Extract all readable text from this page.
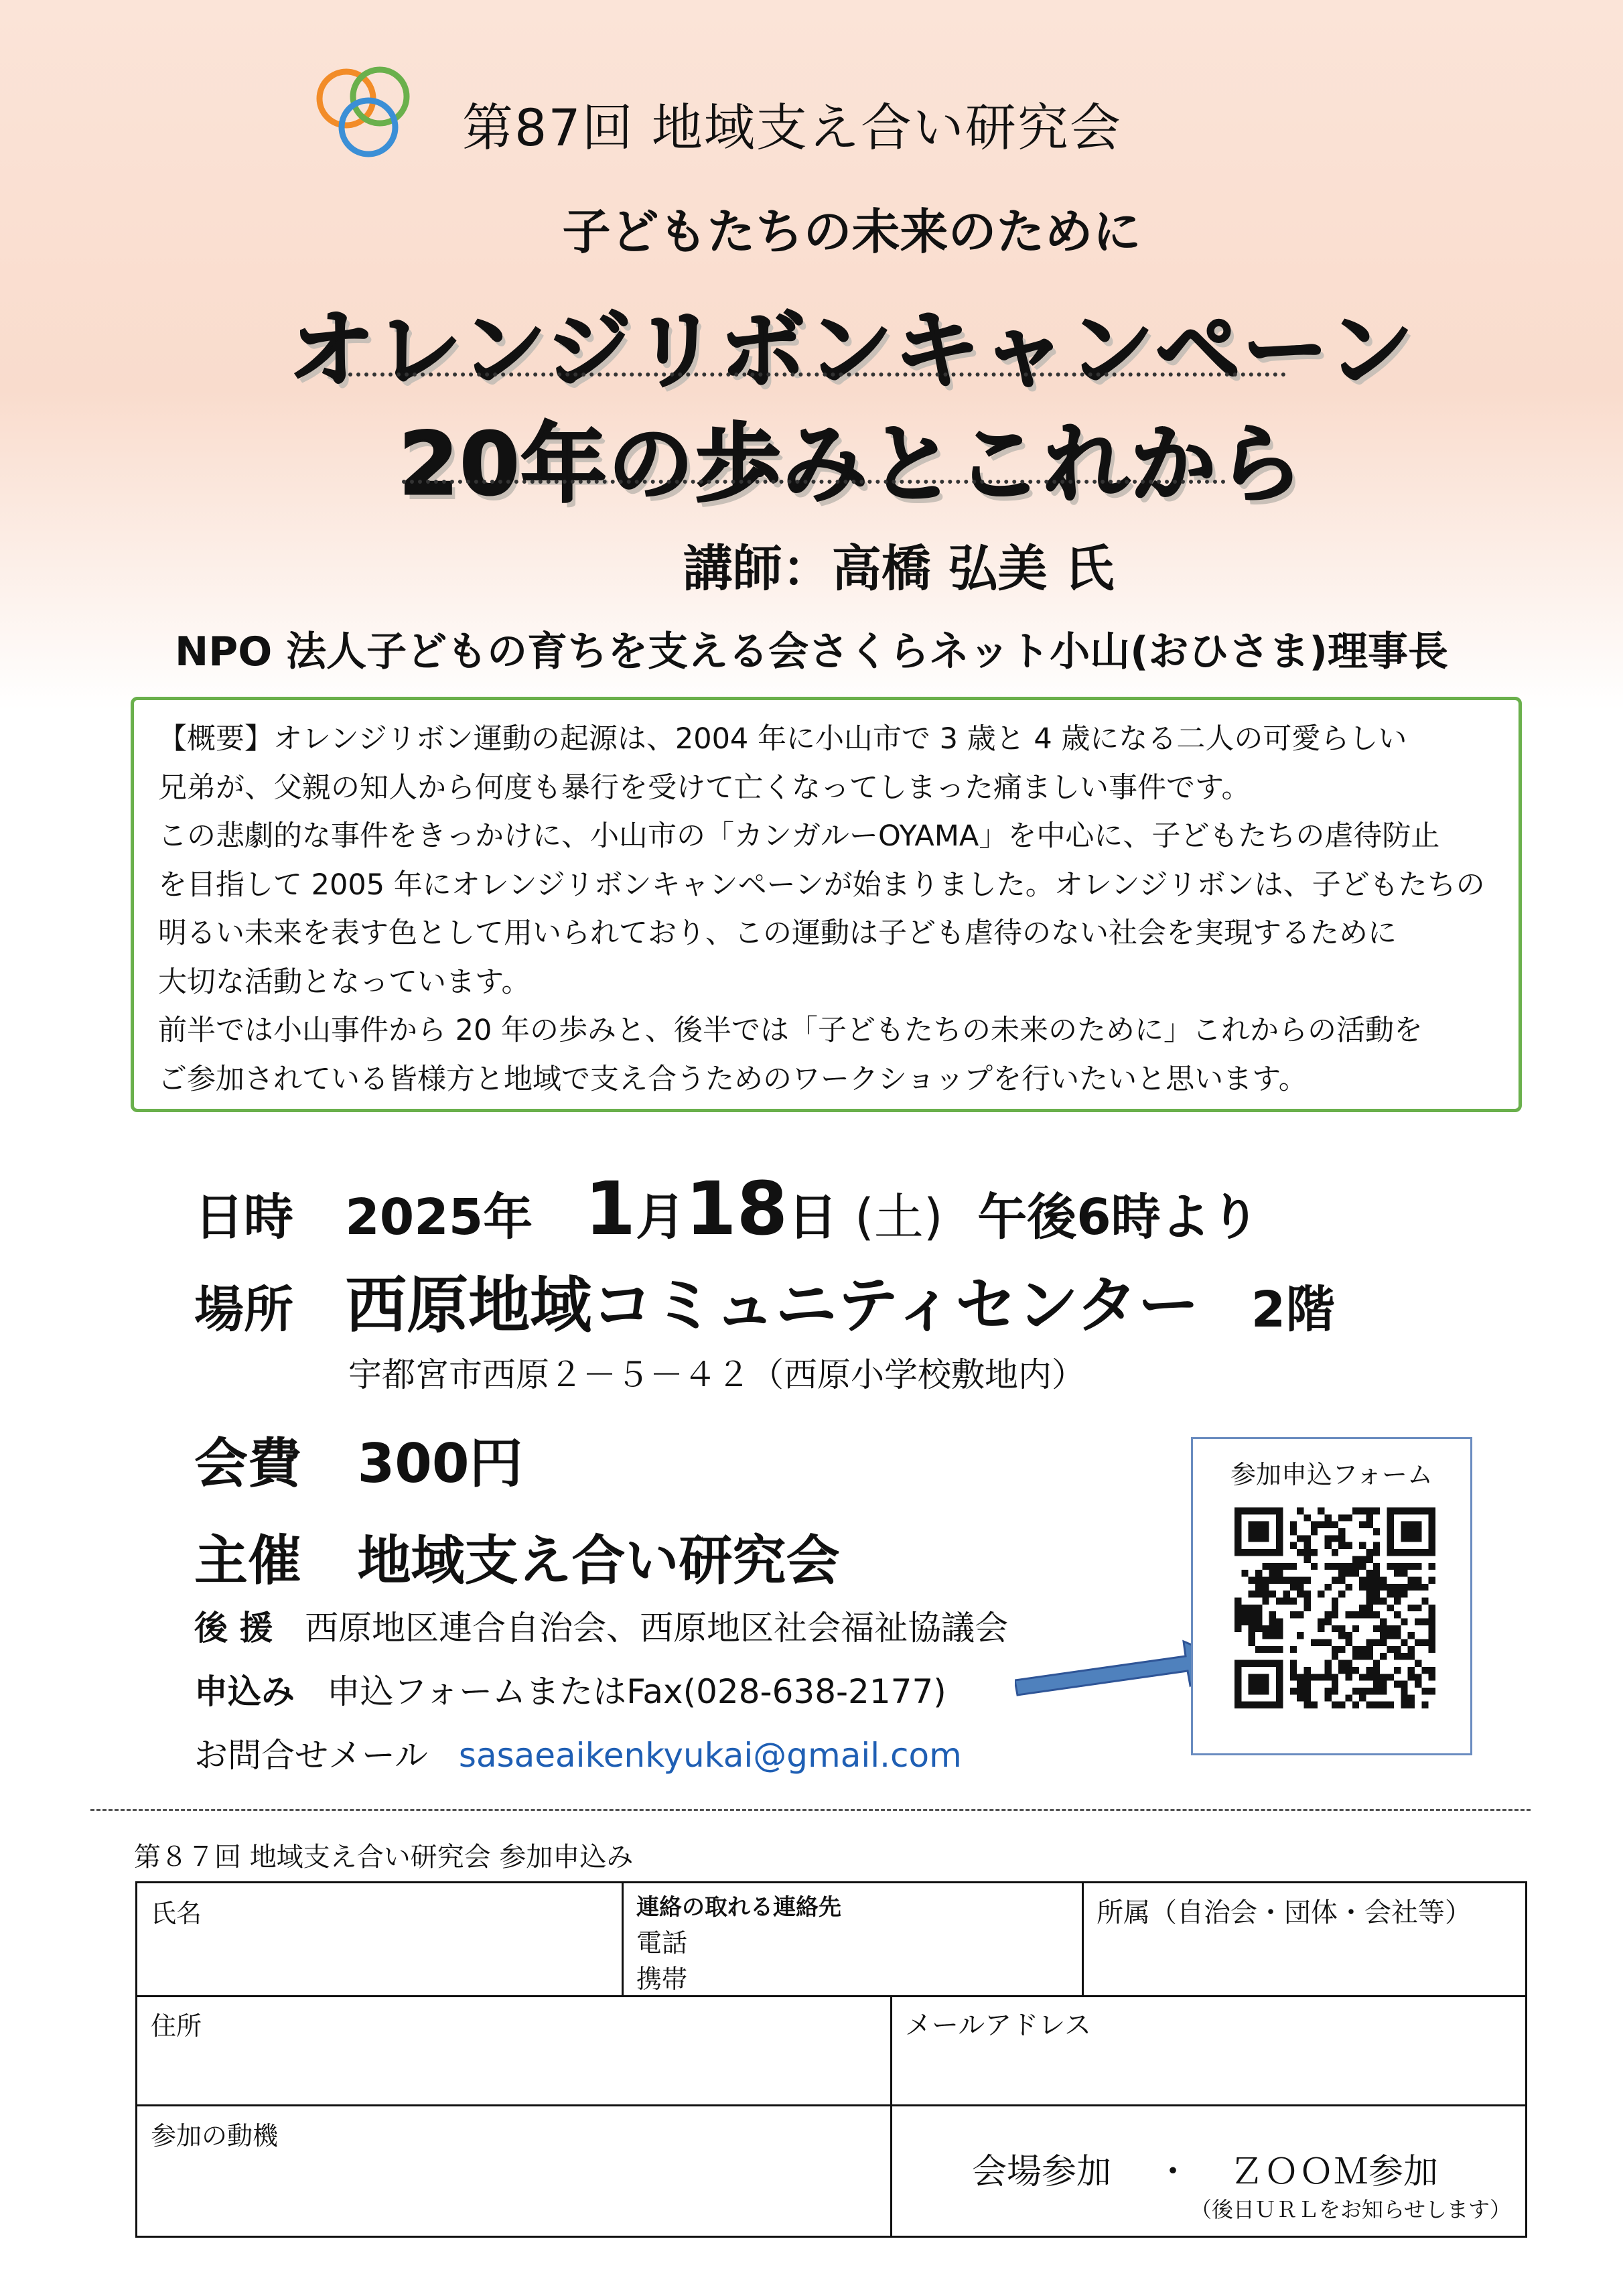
第87回 地域支え合い研究会
子どもたちの未来のために
オレンジリボンキャンペーン
20年の歩みとこれから
講師：高橋 弘美 氏
NPO 法人子どもの育ちを支える会さくらネット小山(おひさま)理事長

【概要】オレンジリボン運動の起源は、2004 年に小山市で 3 歳と 4 歳になる二人の可愛らしい

兄弟が、父親の知人から何度も暴行を受けて亡くなってしまった痛ましい事件です。

この悲劇的な事件をきっかけに、小山市の「カンガルーOYAMA」を中心に、子どもたちの虐待防止

を目指して 2005 年にオレンジリボンキャンペーンが始まりました。オレンジリボンは、子どもたちの

明るい未来を表す色として用いられており、この運動は子ども虐待のない社会を実現するために

大切な活動となっています。

前半では小山事件から 20 年の歩みと、後半では「子どもたちの未来のために」これからの活動を

ご参加されている皆様方と地域で支え合うためのワークショップを行いたいと思います。

日時 2025年 1月18日 (土) 午後6時より
場所 西原地域コミュニティセンター 2階
宇都宮市西原２－５－４２（西原小学校敷地内）
会費 300円
主催 地域支え合い研究会
後 援 西原地区連合自治会、西原地区社会福祉協議会
申込み 申込フォームまたはFax(028-638-2177)
お問合せメール sasaeaikenkyukai@gmail.com
参加申込フォーム
第８７回 地域支え合い研究会 参加申込み
氏名	連絡の取れる連絡先
電話
携帯
所属（自治会・団体・会社等）
住所	メールアドレス
参加の動機
会場参加 ・ ＺＯＯＭ参加
（後日ＵＲＬをお知らせします）
